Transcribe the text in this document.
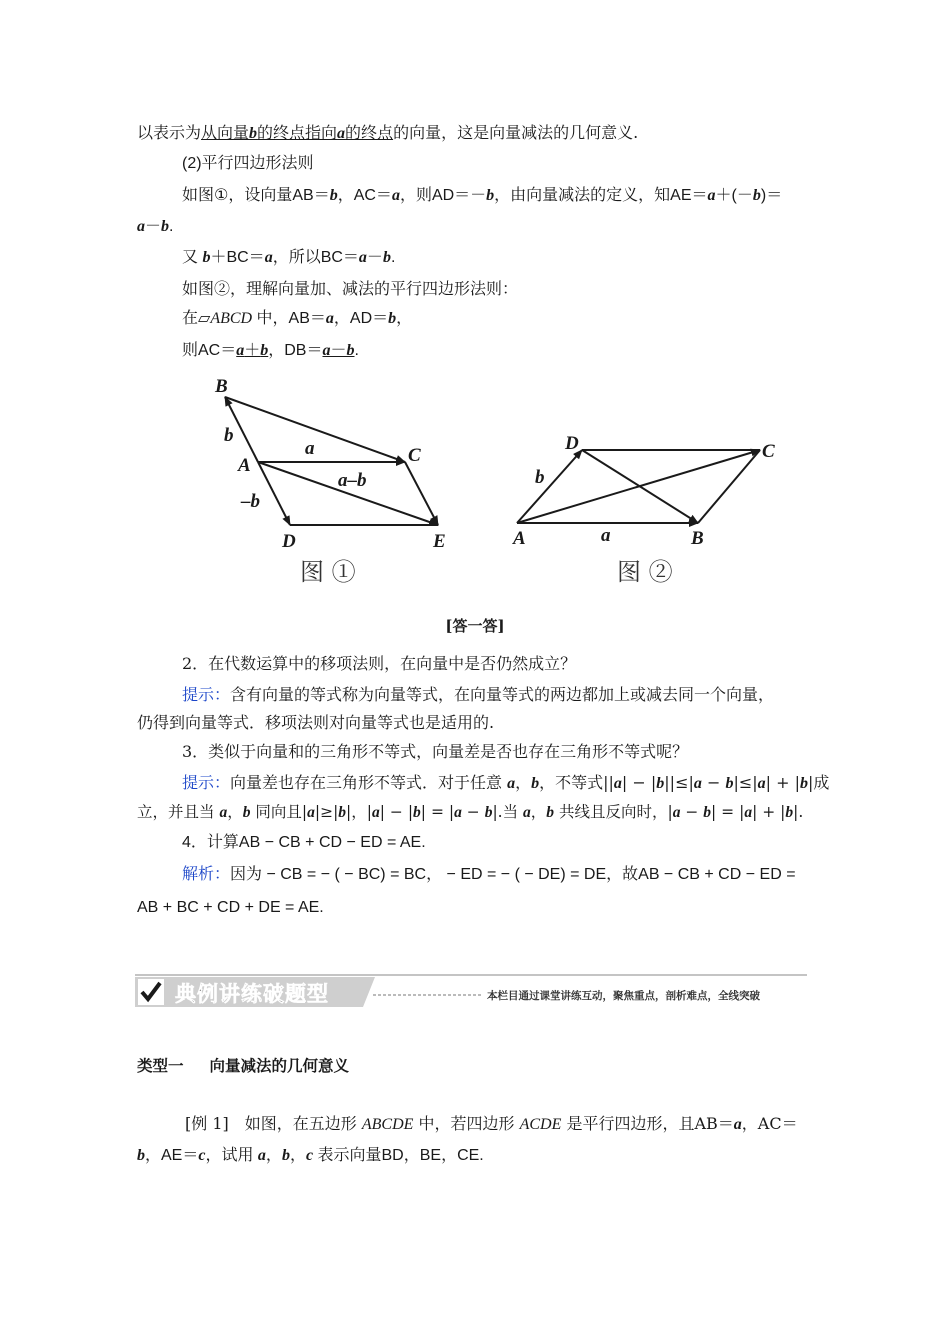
以表示为从向量b的终点指向a的终点的向量，这是向量减法的几何意义.
(2)平行四边形法则
如图①，设向量AB＝b，AC＝a，则AD＝－b，由向量减法的定义，知AE＝a＋(－b)＝
a－b.
又 b＋BC＝a，所以BC＝a－b.
如图②，理解向量加、减法的平行四边形法则：
在▱ABCD 中，AB＝a，AD＝b，
则AC＝a＋b，DB＝a－b.
B
A	C
D	E
b
a
a–b
–b
图 ①
D	C
A	B
b
a
图 ②
[答一答]
2．在代数运算中的移项法则，在向量中是否仍然成立？
提示：含有向量的等式称为向量等式，在向量等式的两边都加上或减去同一个向量，
仍得到向量等式．移项法则对向量等式也是适用的.
3．类似于向量和的三角形不等式，向量差是否也存在三角形不等式呢？
提示：向量差也存在三角形不等式．对于任意 a，b，不等式||a| − |b||≤|a − b|≤|a| + |b|成
立，并且当 a，b 同向且|a|≥|b|，|a| − |b| = |a − b|.当 a，b 共线且反向时，|a − b| = |a| + |b|.
4．计算AB − CB + CD − ED = AE.
解析：因为 − CB = − ( − BC) = BC， − ED = − ( − DE) = DE，故AB − CB + CD − ED =
AB + BC + CD + DE = AE.
典例讲练破题型	本栏目通过课堂讲练互动，聚焦重点，剖析难点，全线突破
类型一 向量减法的几何意义
[例 1]　如图，在五边形 ABCDE 中，若四边形 ACDE 是平行四边形，且AB＝a，AC＝
b，AE＝c，试用 a，b，c 表示向量BD，BE，CE.
